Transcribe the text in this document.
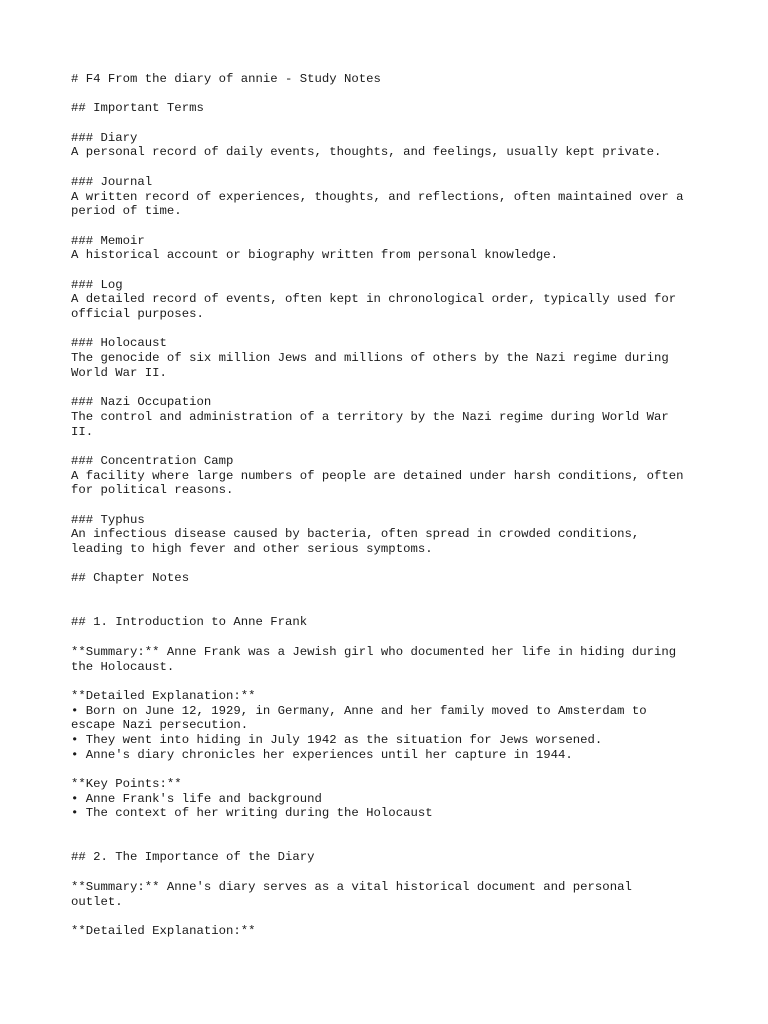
# F4 From the diary of annie - Study Notes
## Important Terms
### Diary
A personal record of daily events, thoughts, and feelings, usually kept private.
### Journal
A written record of experiences, thoughts, and reflections, often maintained over a
period of time.
### Memoir
A historical account or biography written from personal knowledge.
### Log
A detailed record of events, often kept in chronological order, typically used for
official purposes.
### Holocaust
The genocide of six million Jews and millions of others by the Nazi regime during
World War II.
### Nazi Occupation
The control and administration of a territory by the Nazi regime during World War
II.
### Concentration Camp
A facility where large numbers of people are detained under harsh conditions, often
for political reasons.
### Typhus
An infectious disease caused by bacteria, often spread in crowded conditions,
leading to high fever and other serious symptoms.
## Chapter Notes
## 1. Introduction to Anne Frank
**Summary:** Anne Frank was a Jewish girl who documented her life in hiding during
the Holocaust.
**Detailed Explanation:**
• Born on June 12, 1929, in Germany, Anne and her family moved to Amsterdam to
escape Nazi persecution.
• They went into hiding in July 1942 as the situation for Jews worsened.
• Anne's diary chronicles her experiences until her capture in 1944.
**Key Points:**
• Anne Frank's life and background
• The context of her writing during the Holocaust
## 2. The Importance of the Diary
**Summary:** Anne's diary serves as a vital historical document and personal
outlet.
**Detailed Explanation:**
